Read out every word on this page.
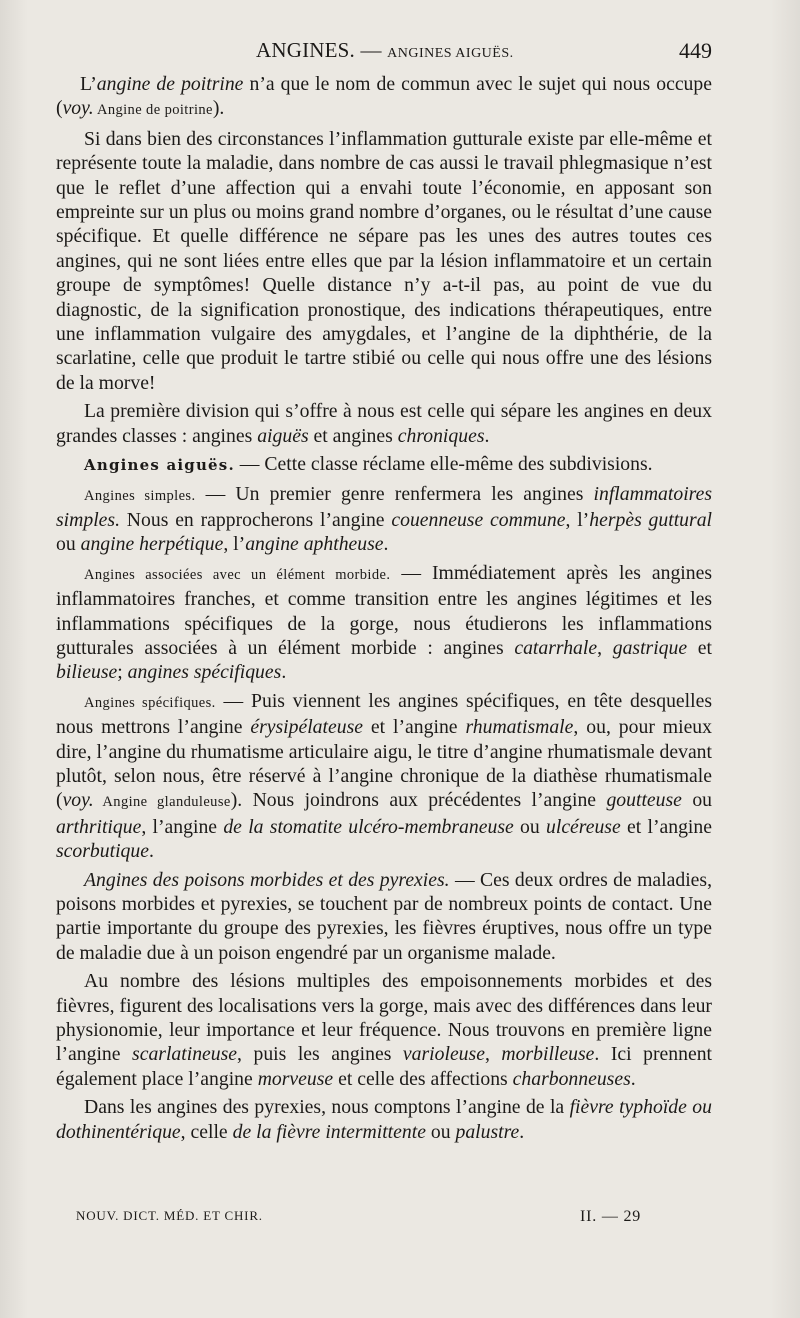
ANGINES. — ANGINES AIGUËS.	449

L’angine de poitrine n’a que le nom de commun avec le sujet qui nous occupe (voy. Angine de poitrine).

Si dans bien des circonstances l’inflammation gutturale existe par elle-même et représente toute la maladie, dans nombre de cas aussi le travail phlegmasique n’est que le reflet d’une affection qui a envahi toute l’économie, en apposant son empreinte sur un plus ou moins grand nombre d’organes, ou le résultat d’une cause spécifique. Et quelle différence ne sépare pas les unes des autres toutes ces angines, qui ne sont liées entre elles que par la lésion inflammatoire et un certain groupe de symptômes! Quelle distance n’y a-t-il pas, au point de vue du diagnostic, de la signification pronostique, des indications thérapeutiques, entre une inflammation vulgaire des amygdales, et l’angine de la diphthérie, de la scarlatine, celle que produit le tartre stibié ou celle qui nous offre une des lésions de la morve!

La première division qui s’offre à nous est celle qui sépare les angines en deux grandes classes : angines aiguës et angines chroniques.

Angines aiguës. — Cette classe réclame elle-même des subdivisions.

Angines simples. — Un premier genre renfermera les angines inflammatoires simples. Nous en rapprocherons l’angine couenneuse commune, l’herpès guttural ou angine herpétique, l’angine aphtheuse.

Angines associées avec un élément morbide. — Immédiatement après les angines inflammatoires franches, et comme transition entre les angines légitimes et les inflammations spécifiques de la gorge, nous étudierons les inflammations gutturales associées à un élément morbide : angines catarrhale, gastrique et bilieuse; angines spécifiques.

Angines spécifiques. — Puis viennent les angines spécifiques, en tête desquelles nous mettrons l’angine érysipélateuse et l’angine rhumatismale, ou, pour mieux dire, l’angine du rhumatisme articulaire aigu, le titre d’angine rhumatismale devant plutôt, selon nous, être réservé à l’angine chronique de la diathèse rhumatismale (voy. Angine glanduleuse). Nous joindrons aux précédentes l’angine goutteuse ou arthritique, l’angine de la stomatite ulcéro-membraneuse ou ulcéreuse et l’angine scorbutique.

Angines des poisons morbides et des pyrexies. — Ces deux ordres de maladies, poisons morbides et pyrexies, se touchent par de nombreux points de contact. Une partie importante du groupe des pyrexies, les fièvres éruptives, nous offre un type de maladie due à un poison engendré par un organisme malade.

Au nombre des lésions multiples des empoisonnements morbides et des fièvres, figurent des localisations vers la gorge, mais avec des différences dans leur physionomie, leur importance et leur fréquence. Nous trouvons en première ligne l’angine scarlatineuse, puis les angines varioleuse, morbilleuse. Ici prennent également place l’angine morveuse et celle des affections charbonneuses.

Dans les angines des pyrexies, nous comptons l’angine de la fièvre typhoïde ou dothinentérique, celle de la fièvre intermittente ou palustre.

NOUV. DICT. MÉD. ET CHIR.	II. — 29
